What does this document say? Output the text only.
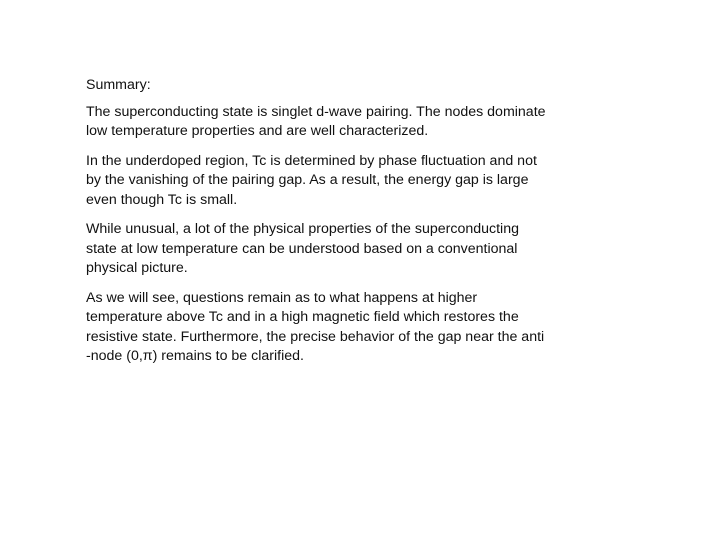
Summary:

The superconducting state is singlet d-wave pairing. The nodes dominate
low temperature properties and are well characterized.

In the underdoped region, Tc is determined by phase fluctuation and not
by the vanishing of the pairing gap. As a result, the energy gap is large
even though Tc is small.

While unusual, a lot of the physical properties of the superconducting
state at low temperature can be understood based on a conventional
physical picture.

As we will see, questions remain as to what happens at higher
temperature above Tc and in a high magnetic field which restores the
resistive state. Furthermore, the precise behavior of the gap near the anti
-node (0,π) remains to be clarified.
